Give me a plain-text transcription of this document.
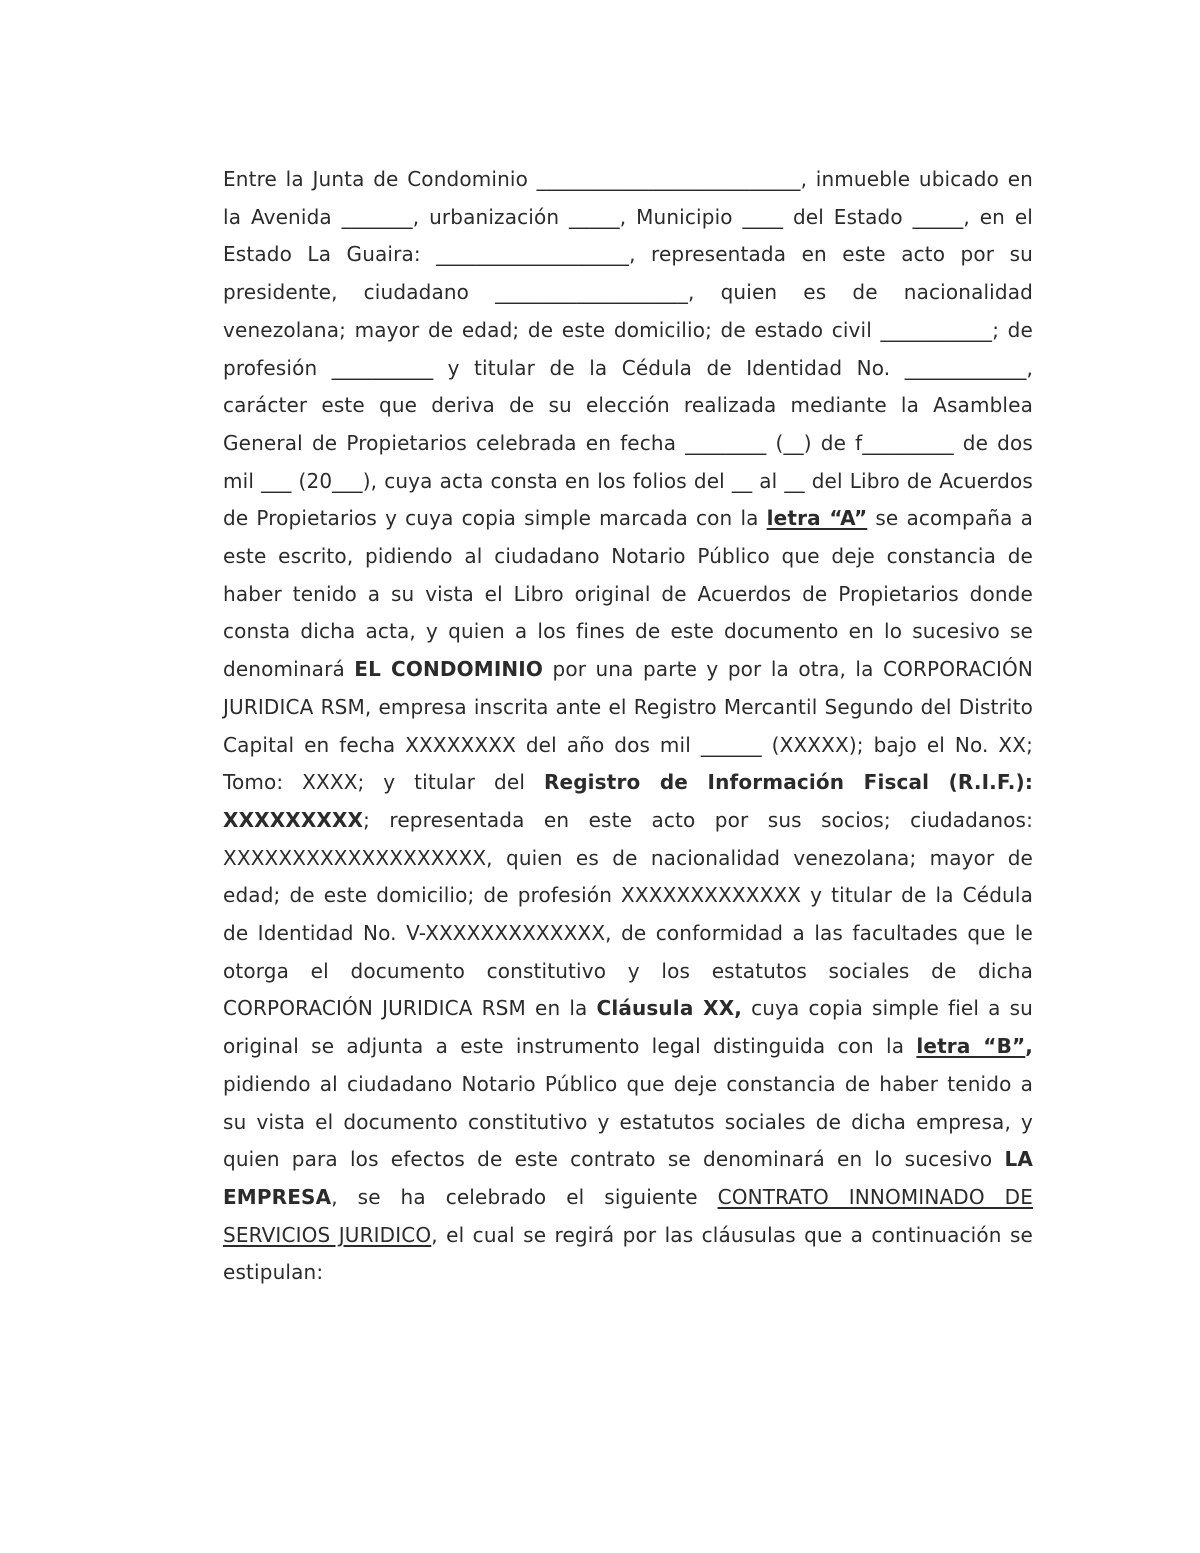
Entre la Junta de Condominio __________________________, inmueble ubicado en la Avenida _______, urbanización _____, Municipio ____ del Estado _____, en el Estado La Guaira: ___________________, representada en este acto por su presidente, ciudadano ___________________, quien es de nacionalidad venezolana; mayor de edad; de este domicilio; de estado civil ___________; de profesión __________ y titular de la Cédula de Identidad No. ____________, carácter este que deriva de su elección realizada mediante la Asamblea General de Propietarios celebrada en fecha ________ (__) de f_________ de dos mil ___ (20___), cuya acta consta en los folios del __ al __ del Libro de Acuerdos de Propietarios y cuya copia simple marcada con la letra “A” se acompaña a este escrito, pidiendo al ciudadano Notario Público que deje constancia de haber tenido a su vista el Libro original de Acuerdos de Propietarios donde consta dicha acta, y quien a los fines de este documento en lo sucesivo se denominará EL CONDOMINIO por una parte y por la otra, la CORPORACIÓN JURIDICA RSM, empresa inscrita ante el Registro Mercantil Segundo del Distrito Capital en fecha XXXXXXXX del año dos mil ______ (XXXXX); bajo el No. XX; Tomo: XXXX; y titular del Registro de Información Fiscal (R.I.F.): XXXXXXXXX; representada en este acto por sus socios; ciudadanos: XXXXXXXXXXXXXXXXXXX, quien es de nacionalidad venezolana; mayor de edad; de este domicilio; de profesión XXXXXXXXXXXXX y titular de la Cédula de Identidad No. V-XXXXXXXXXXXXX, de conformidad a las facultades que le otorga el documento constitutivo y los estatutos sociales de dicha CORPORACIÓN JURIDICA RSM en la Cláusula XX, cuya copia simple fiel a su original se adjunta a este instrumento legal distinguida con la letra “B”, pidiendo al ciudadano Notario Público que deje constancia de haber tenido a su vista el documento constitutivo y estatutos sociales de dicha empresa, y quien para los efectos de este contrato se denominará en lo sucesivo LA EMPRESA, se ha celebrado el siguiente CONTRATO INNOMINADO DE SERVICIOS JURIDICO, el cual se regirá por las cláusulas que a continuación se estipulan:
